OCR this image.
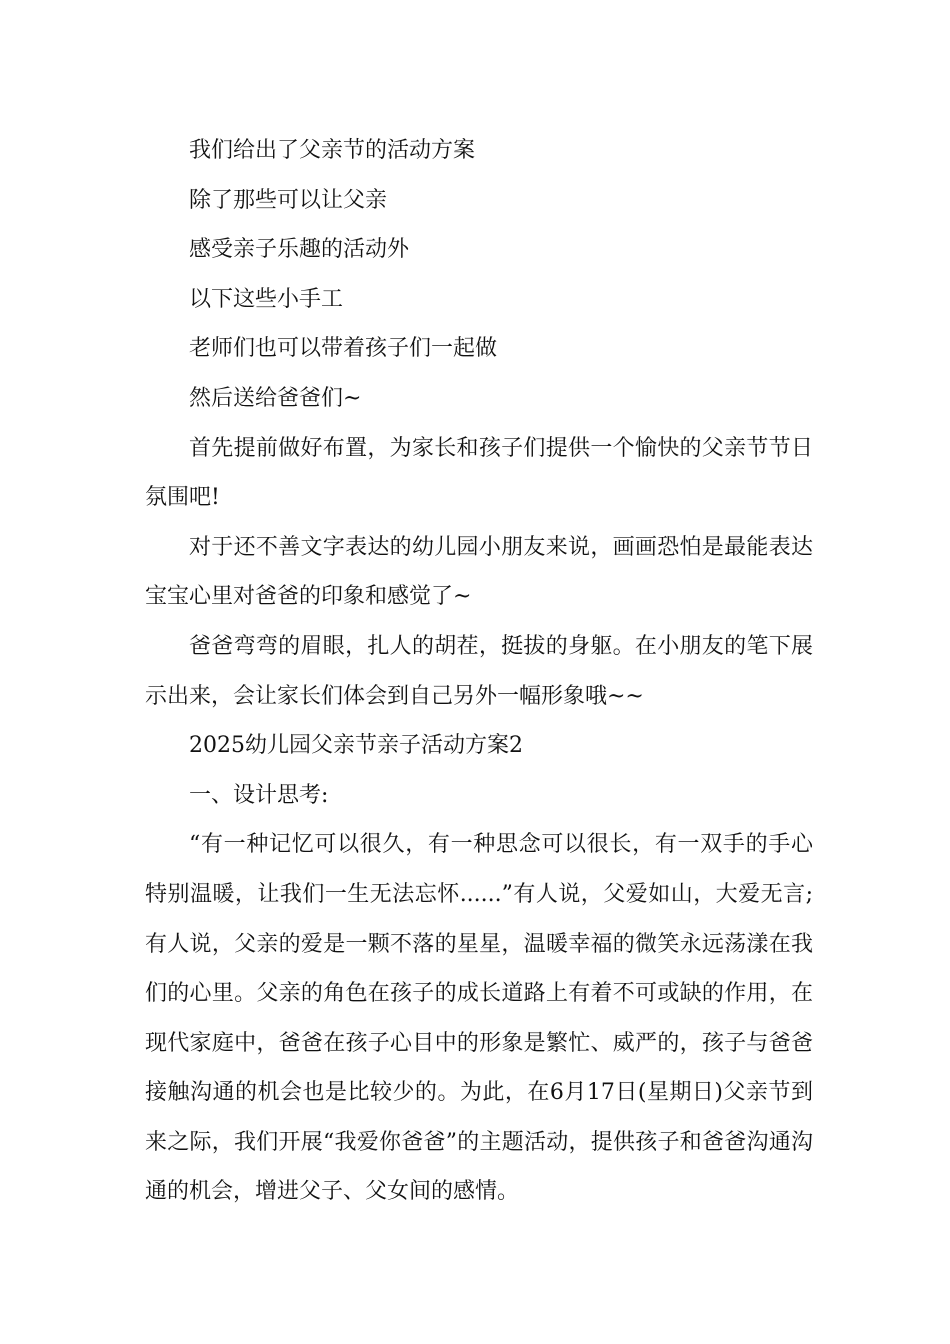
我们给出了父亲节的活动方案

除了那些可以让父亲

感受亲子乐趣的活动外

以下这些小手工

老师们也可以带着孩子们一起做

然后送给爸爸们~

首先提前做好布置，为家长和孩子们提供一个愉快的父亲节节日氛围吧!

对于还不善文字表达的幼儿园小朋友来说，画画恐怕是最能表达宝宝心里对爸爸的印象和感觉了~

爸爸弯弯的眉眼，扎人的胡茬，挺拔的身躯。在小朋友的笔下展示出来，会让家长们体会到自己另外一幅形象哦~~

2025幼儿园父亲节亲子活动方案2

一、设计思考:

“有一种记忆可以很久，有一种思念可以很长，有一双手的手心特别温暖，让我们一生无法忘怀......”有人说，父爱如山，大爱无言;有人说，父亲的爱是一颗不落的星星，温暖幸福的微笑永远荡漾在我们的心里。父亲的角色在孩子的成长道路上有着不可或缺的作用，在现代家庭中，爸爸在孩子心目中的形象是繁忙、威严的，孩子与爸爸接触沟通的机会也是比较少的。为此，在6月17日(星期日)父亲节到来之际，我们开展“我爱你爸爸”的主题活动，提供孩子和爸爸沟通沟通的机会，增进父子、父女间的感情。
